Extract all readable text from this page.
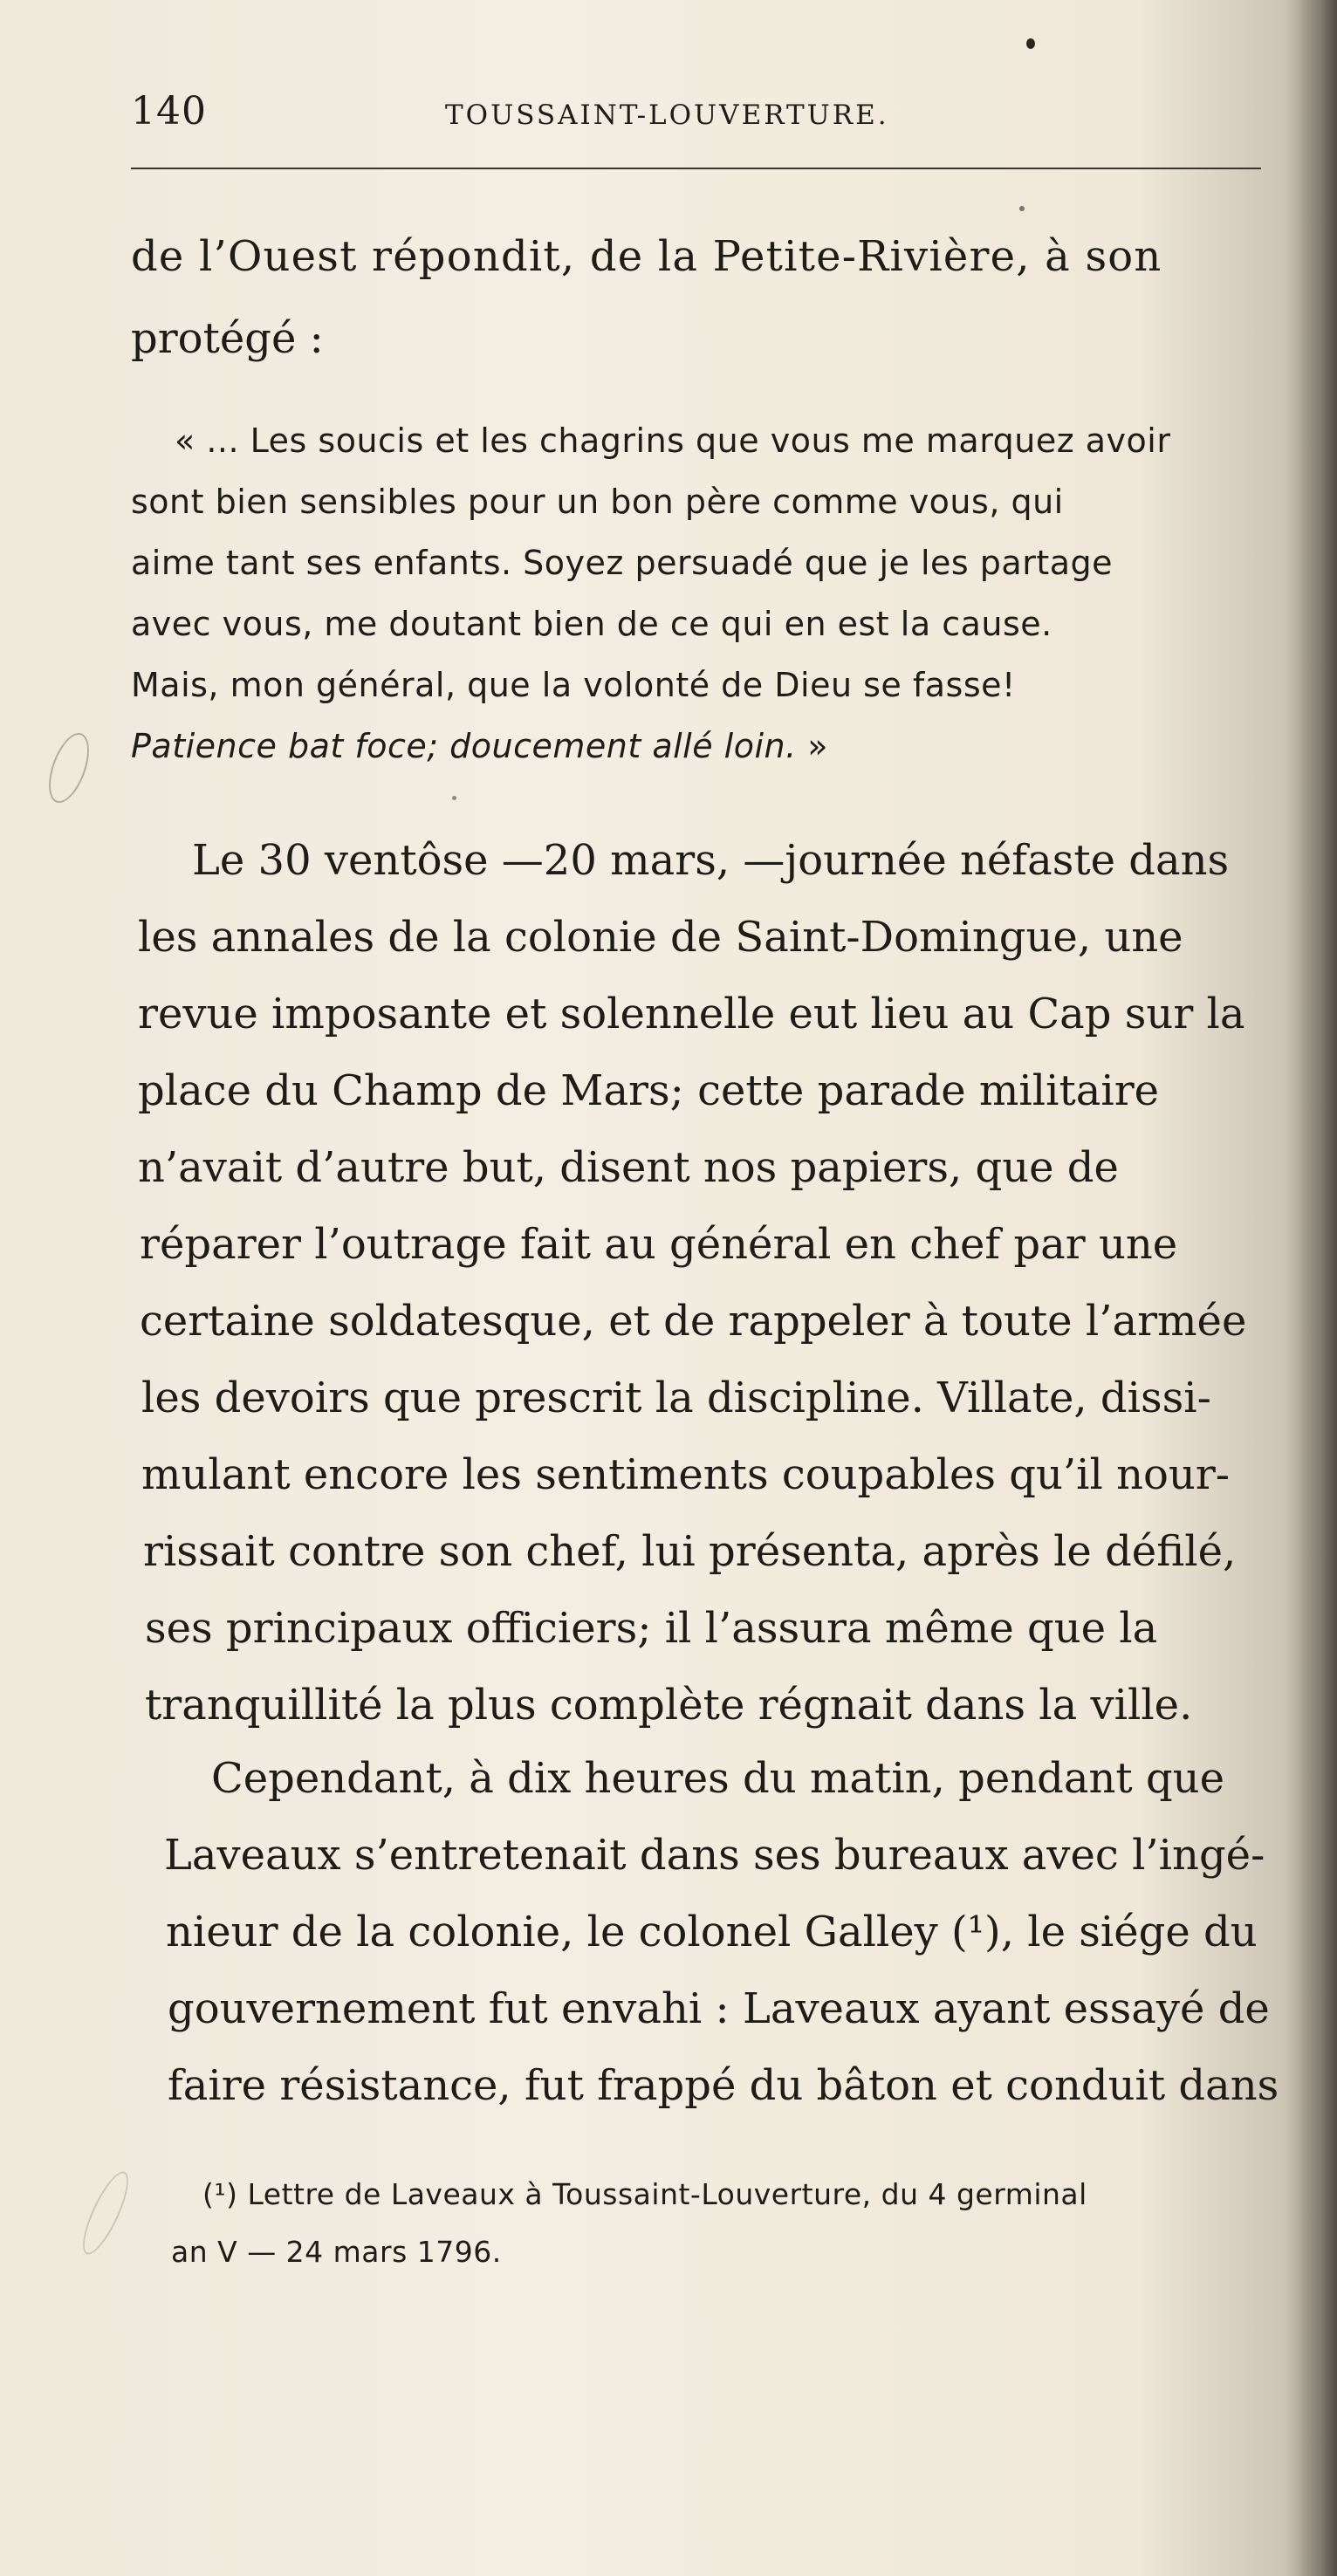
140	TOUSSAINT-LOUVERTURE.
de l’Ouest répondit, de la Petite-Rivière, à son
protégé :
« ... Les soucis et les chagrins que vous me marquez avoir
sont bien sensibles pour un bon père comme vous, qui
aime tant ses enfants. Soyez persuadé que je les partage
avec vous, me doutant bien de ce qui en est la cause.
Mais, mon général, que la volonté de Dieu se fasse!
Patience bat foce; doucement allé loin. »
Le 30 ventôse —20 mars, —journée néfaste dans
les annales de la colonie de Saint-Domingue, une
revue imposante et solennelle eut lieu au Cap sur la
place du Champ de Mars; cette parade militaire
n’avait d’autre but, disent nos papiers, que de
réparer l’outrage fait au général en chef par une
certaine soldatesque, et de rappeler à toute l’armée
les devoirs que prescrit la discipline. Villate, dissi-
mulant encore les sentiments coupables qu’il nour-
rissait contre son chef, lui présenta, après le défilé,
ses principaux officiers; il l’assura même que la
tranquillité la plus complète régnait dans la ville.
Cependant, à dix heures du matin, pendant que
Laveaux s’entretenait dans ses bureaux avec l’ingé-
nieur de la colonie, le colonel Galley (¹), le siége du
gouvernement fut envahi : Laveaux ayant essayé de
faire résistance, fut frappé du bâton et conduit dans
(¹) Lettre de Laveaux à Toussaint-Louverture, du 4 germinal
an V — 24 mars 1796.
